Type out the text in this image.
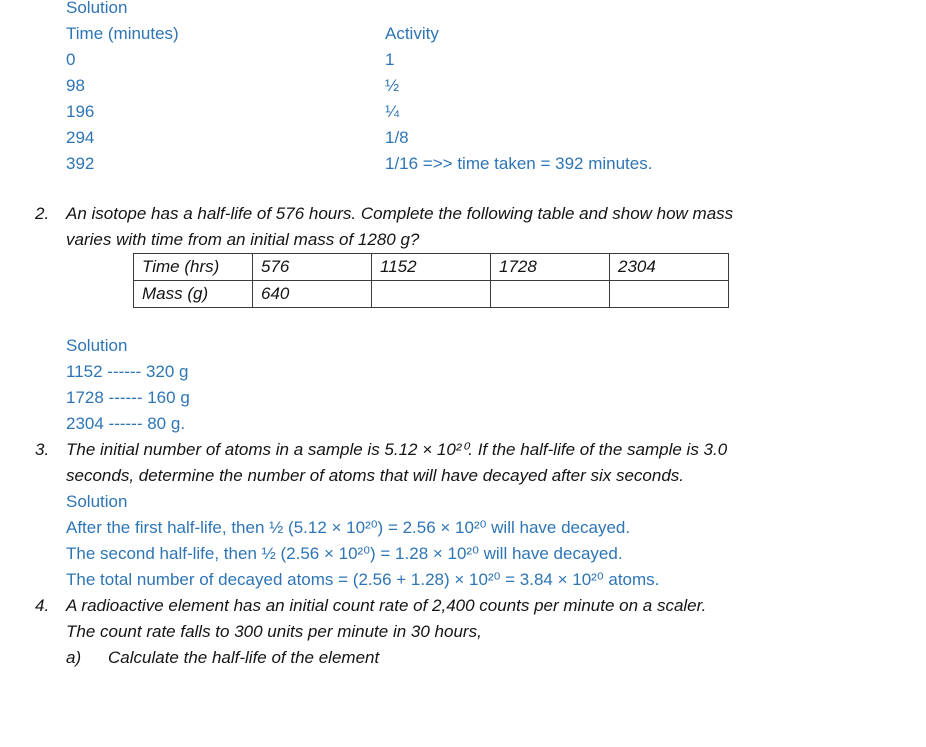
Solution
Time (minutes)	Activity
0	1
98	½
196	¼
294	1/8
392	1/16 =>> time taken = 392 minutes.
2. An isotope has a half-life of 576 hours. Complete the following table and show how mass
varies with time from an initial mass of 1280 g?
Time (hrs)	576	1152	1728	2304
Mass (g)	640			
Solution
1152 ------ 320 g
1728 ------ 160 g
2304 ------ 80 g.
3. The initial number of atoms in a sample is 5.12 × 10²⁰. If the half-life of the sample is 3.0
seconds, determine the number of atoms that will have decayed after six seconds.
Solution
After the first half-life, then ½ (5.12 × 10²⁰) = 2.56 × 10²⁰ will have decayed.
The second half-life, then ½ (2.56 × 10²⁰) = 1.28 × 10²⁰ will have decayed.
The total number of decayed atoms = (2.56 + 1.28) × 10²⁰ = 3.84 × 10²⁰ atoms.
4. A radioactive element has an initial count rate of 2,400 counts per minute on a scaler.
The count rate falls to 300 units per minute in 30 hours,
a) Calculate the half-life of the element
